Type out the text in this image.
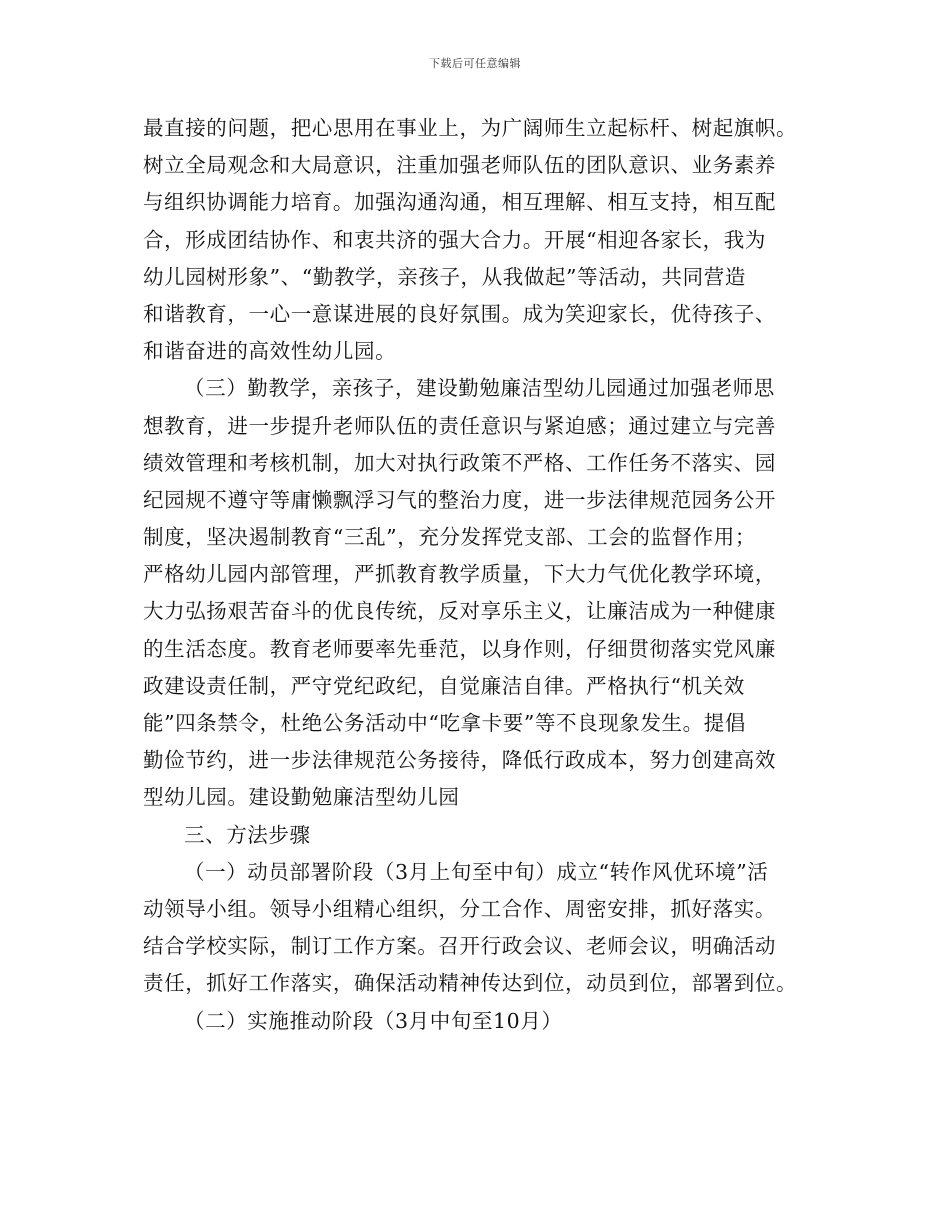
下载后可任意编辑
最直接的问题，把心思用在事业上，为广阔师生立起标杆、树起旗帜。
树立全局观念和大局意识，注重加强老师队伍的团队意识、业务素养
与组织协调能力培育。加强沟通沟通，相互理解、相互支持，相互配
合，形成团结协作、和衷共济的强大合力。开展“相迎各家长，我为
幼儿园树形象”、“勤教学，亲孩子，从我做起”等活动，共同营造
和谐教育，一心一意谋进展的良好氛围。成为笑迎家长，优待孩子、
和谐奋进的高效性幼儿园。
（三）勤教学，亲孩子，建设勤勉廉洁型幼儿园通过加强老师思
想教育，进一步提升老师队伍的责任意识与紧迫感；通过建立与完善
绩效管理和考核机制，加大对执行政策不严格、工作任务不落实、园
纪园规不遵守等庸懒飘浮习气的整治力度，进一步法律规范园务公开
制度，坚决遏制教育“三乱”，充分发挥党支部、工会的监督作用；
严格幼儿园内部管理，严抓教育教学质量，下大力气优化教学环境，
大力弘扬艰苦奋斗的优良传统，反对享乐主义，让廉洁成为一种健康
的生活态度。教育老师要率先垂范，以身作则，仔细贯彻落实党风廉
政建设责任制，严守党纪政纪，自觉廉洁自律。严格执行“机关效
能”四条禁令，杜绝公务活动中“吃拿卡要”等不良现象发生。提倡
勤俭节约，进一步法律规范公务接待，降低行政成本，努力创建高效
型幼儿园。建设勤勉廉洁型幼儿园
三、方法步骤
（一）动员部署阶段（3月上旬至中旬）成立“转作风优环境”活
动领导小组。领导小组精心组织，分工合作、周密安排，抓好落实。
结合学校实际，制订工作方案。召开行政会议、老师会议，明确活动
责任，抓好工作落实，确保活动精神传达到位，动员到位，部署到位。
（二）实施推动阶段（3月中旬至10月）
